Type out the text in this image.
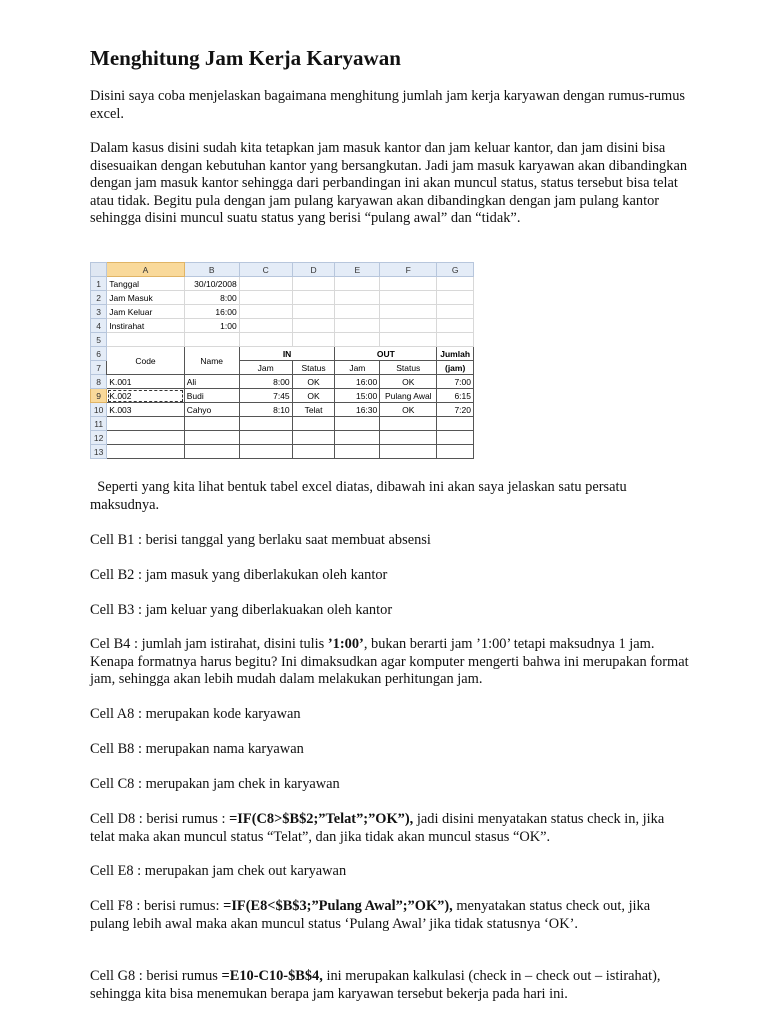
Menghitung Jam Kerja Karyawan

Disini saya coba menjelaskan bagaimana menghitung jumlah jam kerja karyawan dengan rumus-rumus excel.

Dalam kasus disini sudah kita tetapkan jam masuk kantor dan jam keluar kantor, dan jam disini bisa disesuaikan dengan kebutuhan kantor yang bersangkutan. Jadi jam masuk karyawan akan dibandingkan dengan jam masuk kantor sehingga dari perbandingan ini akan muncul status, status tersebut bisa telat atau tidak. Begitu pula dengan jam pulang karyawan akan dibandingkan dengan jam pulang kantor sehingga disini muncul suatu status yang berisi “pulang awal” dan “tidak”.

	A	B	C	D	E	F	G
1	Tanggal	30/10/2008					
2	Jam Masuk	8:00					
3	Jam Keluar	16:00					
4	Instirahat	1:00					
5							
6	Code	Name	IN		OUT		Jumlah
7			Jam	Status	Jam	Status	(jam)
8	K.001	Ali	8:00	OK	16:00	OK	7:00
9	K.002	Budi	7:45	OK	15:00	Pulang Awal	6:15
10	K.003	Cahyo	8:10	Telat	16:30	OK	7:20
11							
12							
13							

Seperti yang kita lihat bentuk tabel excel diatas, dibawah ini akan saya jelaskan satu persatu maksudnya.

Cell B1 : berisi tanggal yang berlaku saat membuat absensi

Cell B2 : jam masuk yang diberlakukan oleh kantor

Cell B3 : jam keluar yang diberlakuakan oleh kantor

Cel B4 : jumlah jam istirahat, disini tulis ’1:00’, bukan berarti jam ’1:00’ tetapi maksudnya 1 jam. Kenapa formatnya harus begitu? Ini dimaksudkan agar komputer mengerti bahwa ini merupakan format jam, sehingga akan lebih mudah dalam melakukan perhitungan jam.

Cell A8 : merupakan kode karyawan

Cell B8 : merupakan nama karyawan

Cell C8 : merupakan jam chek in karyawan

Cell D8 : berisi rumus : =IF(C8>$B$2;”Telat”;”OK”), jadi disini menyatakan status check in, jika telat maka akan muncul status “Telat”, dan jika tidak akan muncul stasus “OK”.

Cell E8 : merupakan jam chek out karyawan

Cell F8 : berisi rumus: =IF(E8<$B$3;”Pulang Awal”;”OK”), menyatakan status check out, jika pulang lebih awal maka akan muncul status ‘Pulang Awal’ jika tidak statusnya ‘OK’.

Cell G8 : berisi rumus =E10-C10-$B$4, ini merupakan kalkulasi (check in – check out – istirahat), sehingga kita bisa menemukan berapa jam karyawan tersebut bekerja pada hari ini.
